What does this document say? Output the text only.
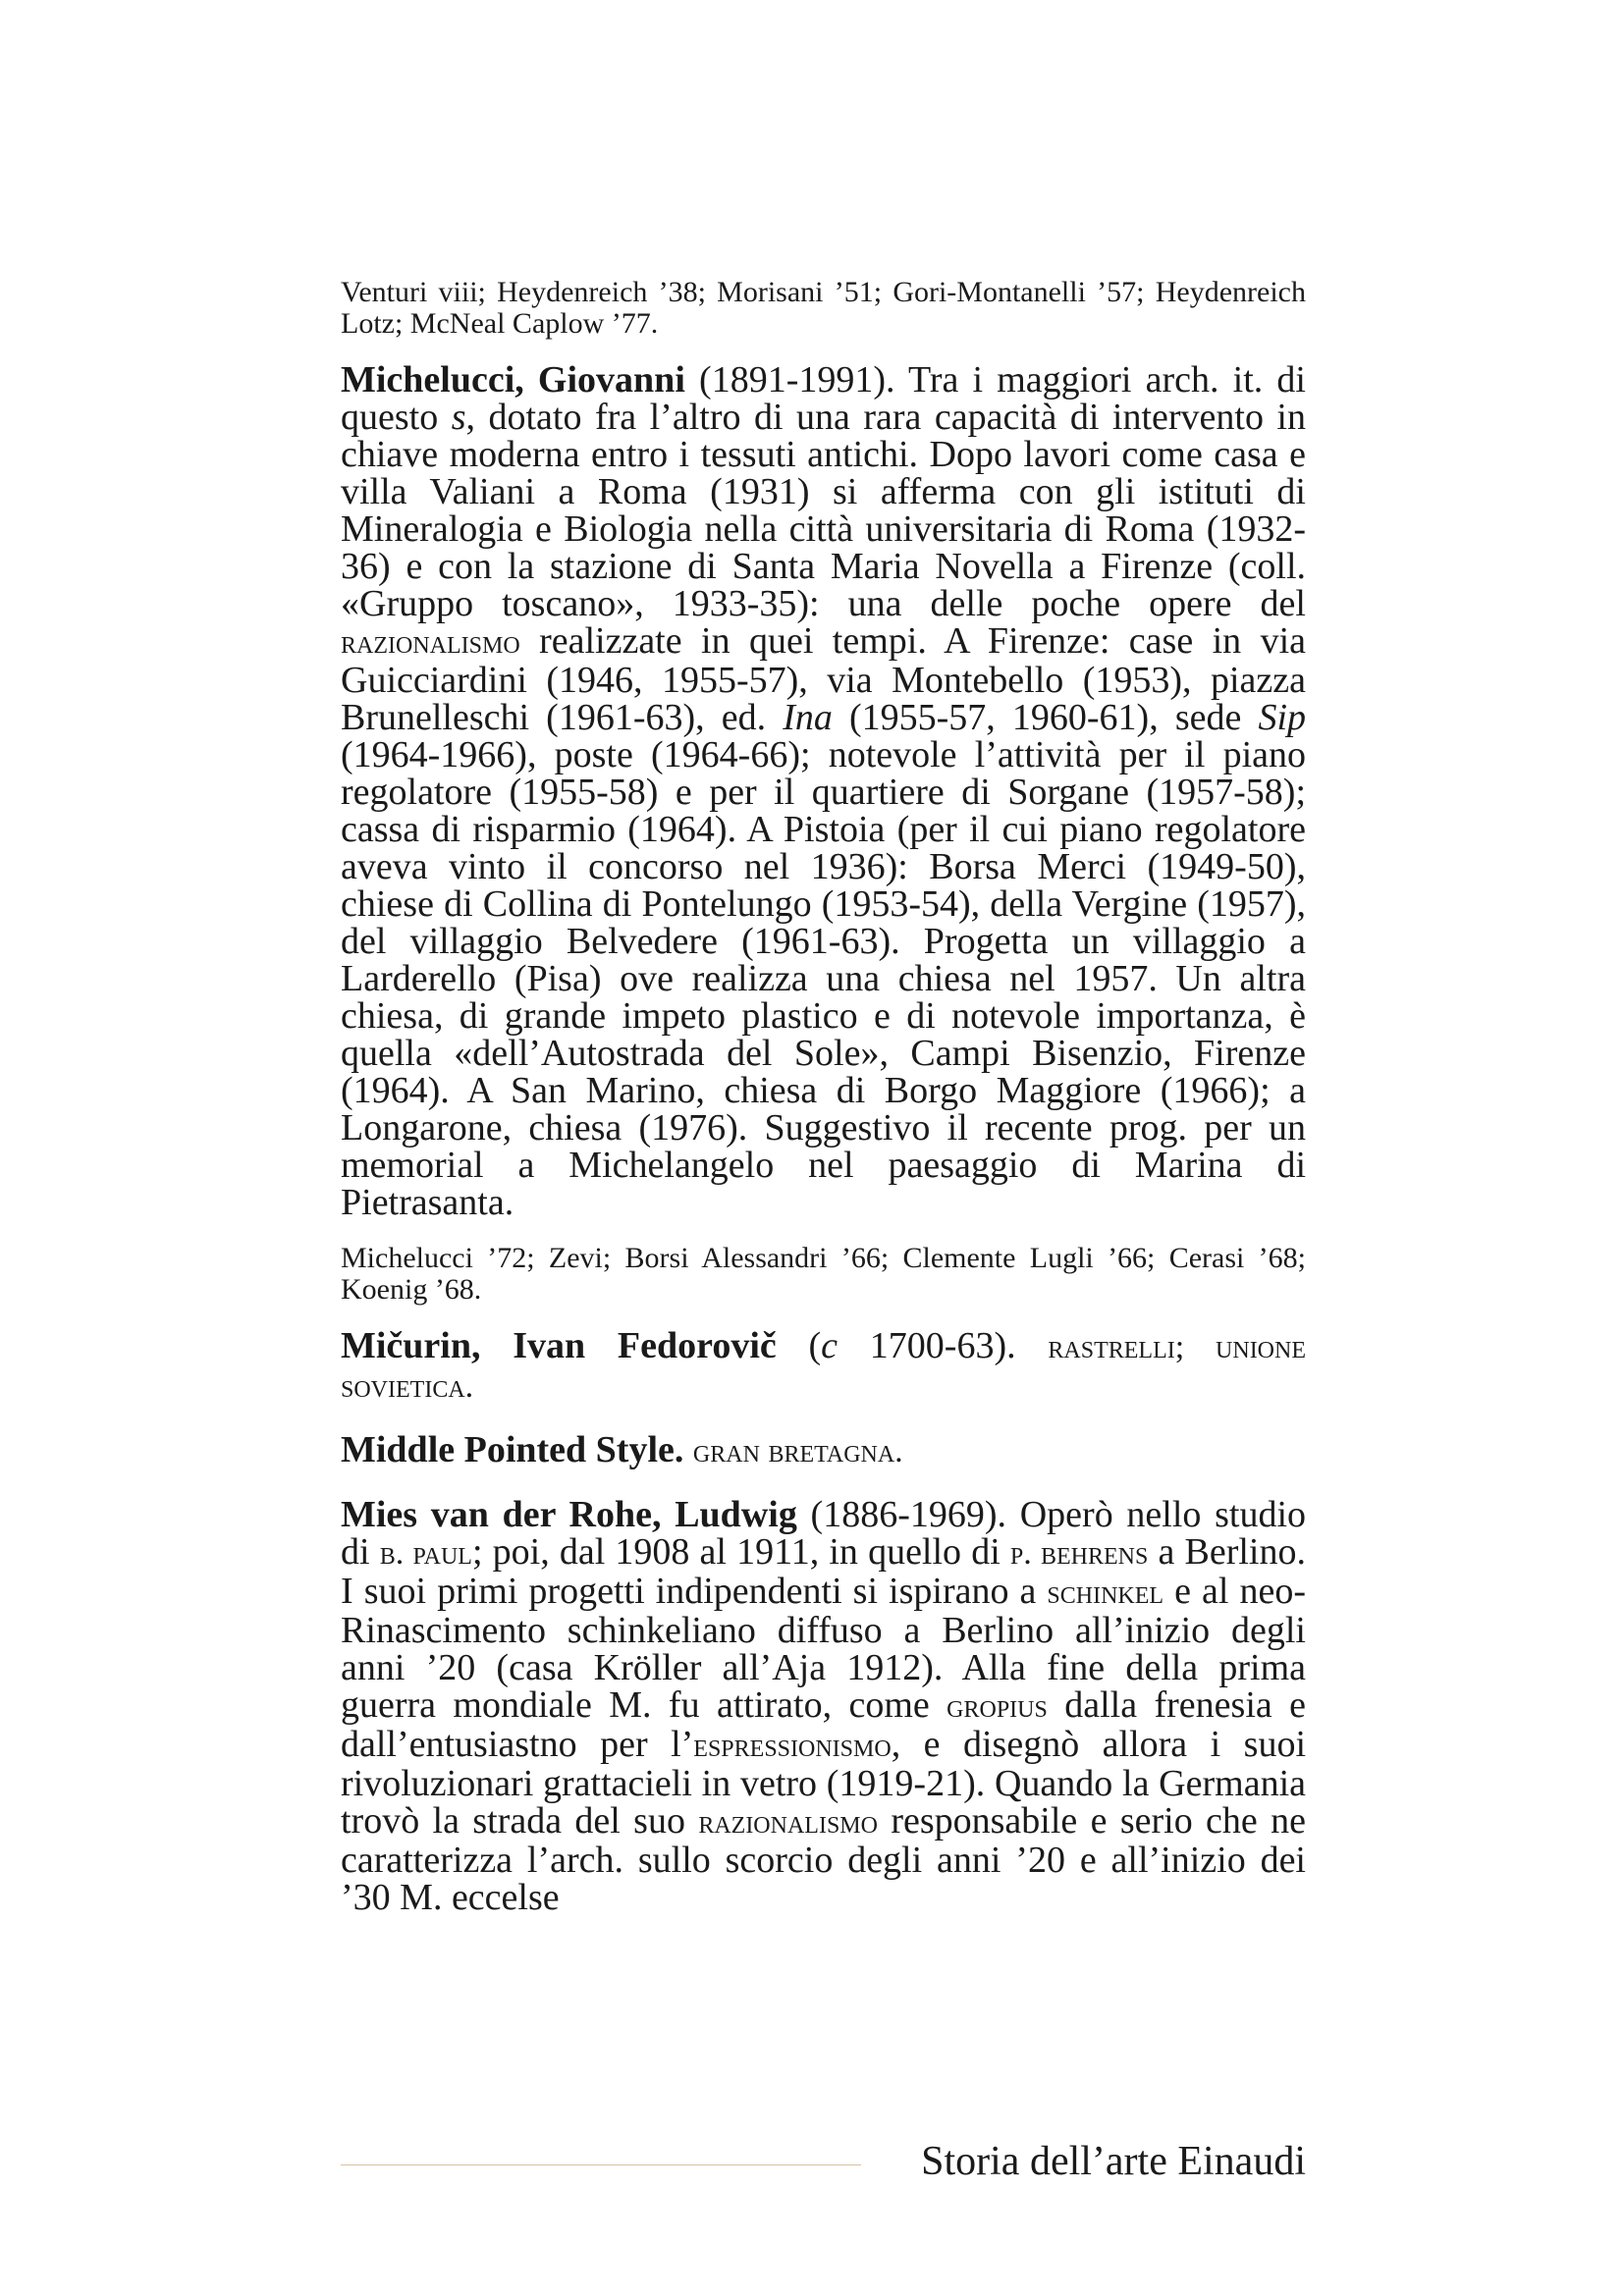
Venturi viii; Heydenreich ’38; Morisani ’51; Gori-Montanelli ’57; Heydenreich Lotz; McNeal Caplow ’77.

Michelucci, Giovanni (1891-1991). Tra i maggiori arch. it. di questo s, dotato fra l’altro di una rara capacità di intervento in chiave moderna entro i tessuti antichi. Dopo lavori come casa e villa Valiani a Roma (1931) si afferma con gli istituti di Mineralogia e Biologia nella città universitaria di Roma (1932-36) e con la stazione di Santa Maria Novella a Firenze (coll. «Gruppo toscano», 1933-35): una delle poche opere del razionalismo realizzate in quei tempi. A Firenze: case in via Guicciardini (1946, 1955-57), via Montebello (1953), piazza Brunelleschi (1961-63), ed. Ina (1955-57, 1960-61), sede Sip (1964-1966), poste (1964-66); notevole l’attività per il piano regolatore (1955-58) e per il quartiere di Sorgane (1957-58); cassa di risparmio (1964). A Pistoia (per il cui piano regolatore aveva vinto il concorso nel 1936): Borsa Merci (1949-50), chiese di Collina di Pontelungo (1953-54), della Vergine (1957), del villaggio Belvedere (1961-63). Progetta un villaggio a Larderello (Pisa) ove realizza una chiesa nel 1957. Un altra chiesa, di grande impeto plastico e di notevole importanza, è quella «dell’Autostrada del Sole», Campi Bisenzio, Firenze (1964). A San Marino, chiesa di Borgo Maggiore (1966); a Longarone, chiesa (1976). Suggestivo il recente prog. per un memorial a Michelangelo nel paesaggio di Marina di Pietrasanta.

Michelucci ’72; Zevi; Borsi Alessandri ’66; Clemente Lugli ’66; Cerasi ’68; Koenig ’68.

Mičurin, Ivan Fedorovič (c 1700-63). rastrelli; unione sovietica.

Middle Pointed Style. gran bretagna.

Mies van der Rohe, Ludwig (1886-1969). Operò nello studio di b. paul; poi, dal 1908 al 1911, in quello di p. behrens a Berlino. I suoi primi progetti indipendenti si ispirano a schinkel e al neo-Rinascimento schinkeliano diffuso a Berlino all’inizio degli anni ’20 (casa Kröller all’Aja 1912). Alla fine della prima guerra mondiale M. fu attirato, come gropius dalla frenesia e dall’entusiastno per l’espressionismo, e disegnò allora i suoi rivoluzionari grattacieli in vetro (1919-21). Quando la Germania trovò la strada del suo razionalismo responsabile e serio che ne caratterizza l’arch. sullo scorcio degli anni ’20 e all’inizio dei ’30 M. eccelse

Storia dell’arte Einaudi
